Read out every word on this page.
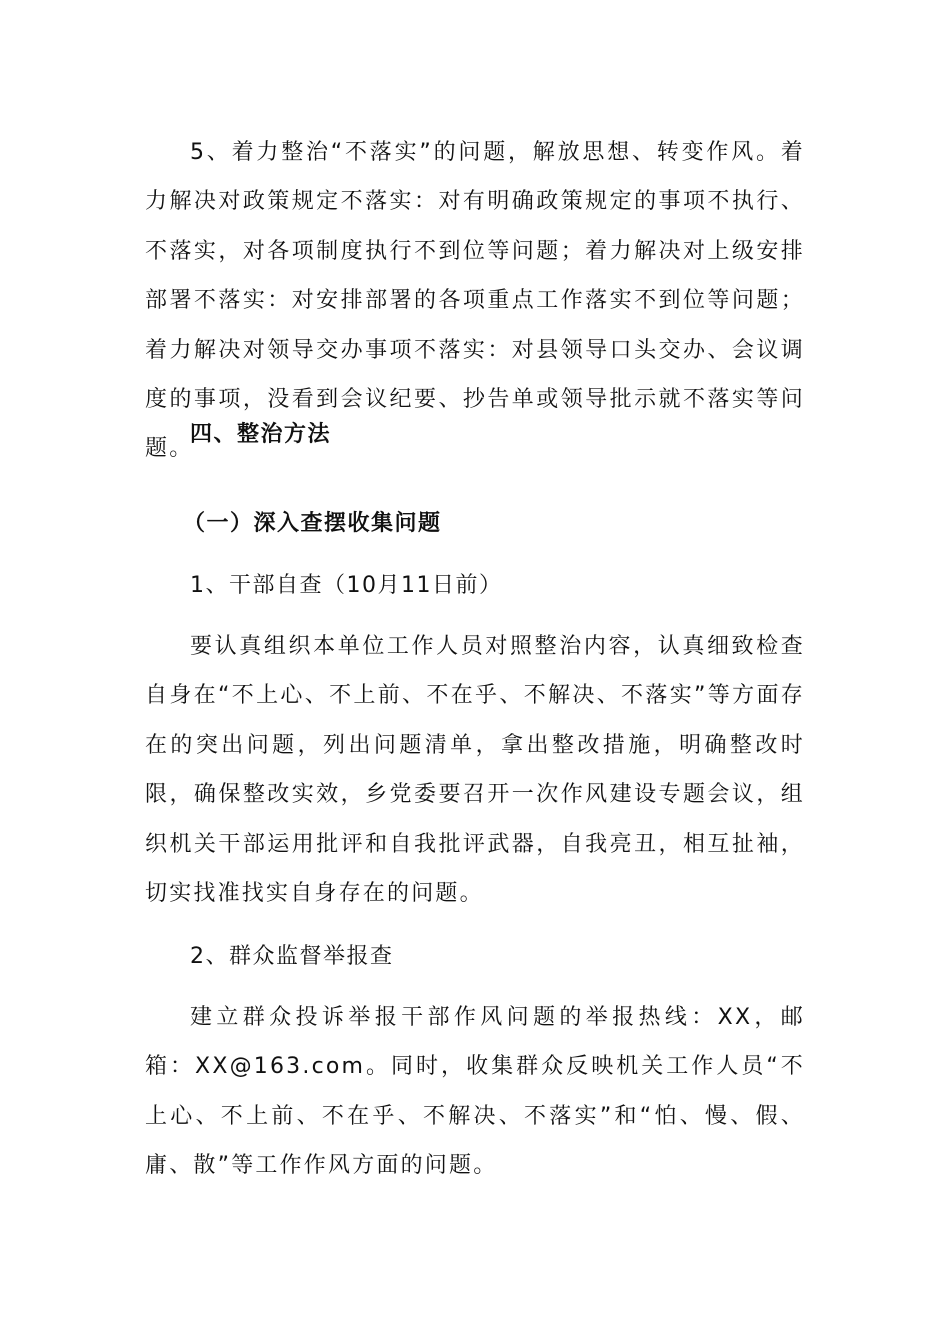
5、着力整治“不落实”的问题，解放思想、转变作风。着力解决对政策规定不落实：对有明确政策规定的事项不执行、不落实，对各项制度执行不到位等问题；着力解决对上级安排部署不落实：对安排部署的各项重点工作落实不到位等问题；着力解决对领导交办事项不落实：对县领导口头交办、会议调度的事项，没看到会议纪要、抄告单或领导批示就不落实等问题。

四、整治方法

（一）深入查摆收集问题

1、干部自查（10月11日前）

要认真组织本单位工作人员对照整治内容，认真细致检查自身在“不上心、不上前、不在乎、不解决、不落实”等方面存在的突出问题，列出问题清单，拿出整改措施，明确整改时限，确保整改实效，乡党委要召开一次作风建设专题会议，组织机关干部运用批评和自我批评武器，自我亮丑，相互扯袖，切实找准找实自身存在的问题。

2、群众监督举报查

建立群众投诉举报干部作风问题的举报热线：XX，邮箱：XX@163.com。同时，收集群众反映机关工作人员“不上心、不上前、不在乎、不解决、不落实”和“怕、慢、假、庸、散”等工作作风方面的问题。
